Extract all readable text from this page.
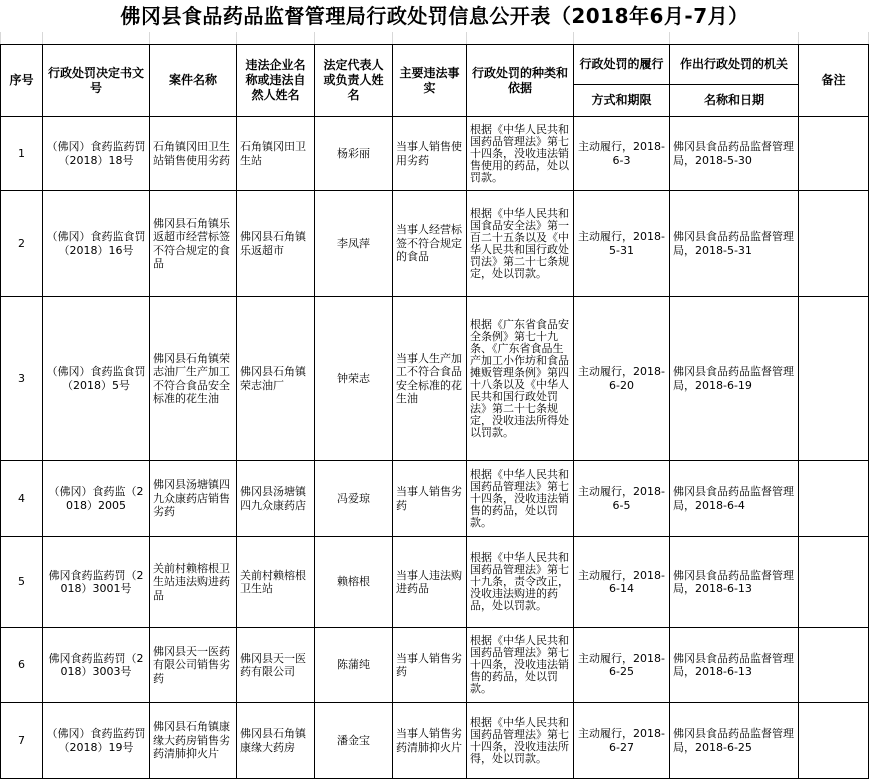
佛冈县食品药品监督管理局行政处罚信息公开表（2018年6月-7月）
序号	行政处罚决定书文号	案件名称	违法企业名称或违法自然人姓名	法定代表人或负责人姓名	主要违法事实	行政处罚的种类和依据	行政处罚的履行	作出行政处罚的机关	备注
							方式和期限	名称和日期	
1	（佛冈）食药监药罚（2018）18号	石角镇冈田卫生站销售使用劣药	石角镇冈田卫生站	杨彩丽	当事人销售使用劣药	根据《中华人民共和国药品管理法》第七十四条，没收违法销售使用的药品，处以罚款。	主动履行，2018-6-3	佛冈县食品药品监督管理局，2018-5-30	
2	（佛冈）食药监食罚（2018）16号	佛冈县石角镇乐返超市经营标签不符合规定的食品	佛冈县石角镇乐返超市	李凤萍	当事人经营标签不符合规定的食品	根据《中华人民共和国食品安全法》第一百二十五条以及《中华人民共和国行政处罚法》第二十七条规定，处以罚款。	主动履行，2018-5-31	佛冈县食品药品监督管理局，2018-5-31	
3	（佛冈）食药监食罚（2018）5号	佛冈县石角镇荣志油厂生产加工不符合食品安全标准的花生油	佛冈县石角镇荣志油厂	钟荣志	当事人生产加工不符合食品安全标准的花生油	根据《广东省食品安全条例》第七十九条、《广东省食品生产加工小作坊和食品摊贩管理条例》第四十八条以及《中华人民共和国行政处罚法》第二十七条规定，没收违法所得处以罚款。	主动履行，2018-6-20	佛冈县食品药品监督管理局，2018-6-19	
4	（佛冈）食药监（2018）2005	佛冈县汤塘镇四九众康药店销售劣药	佛冈县汤塘镇四九众康药店	冯爱琼	当事人销售劣药	根据《中华人民共和国药品管理法》第七十四条，没收违法销售的药品，处以罚款。	主动履行，2018-6-5	佛冈县食品药品监督管理局，2018-6-4	
5	佛冈食药监药罚（2018）3001号	关前村赖榕根卫生站违法购进药品	关前村赖榕根卫生站	赖榕根	当事人违法购进药品	根据《中华人民共和国药品管理法》第七十九条，责令改正，没收违法购进的药品，处以罚款。	主动履行，2018-6-14	佛冈县食品药品监督管理局，2018-6-13	
6	佛冈食药监药罚（2018）3003号	佛冈县天一医药有限公司销售劣药	佛冈县天一医药有限公司	陈蒲纯	当事人销售劣药	根据《中华人民共和国药品管理法》第七十四条，没收违法销售的药品，处以罚款。	主动履行，2018-6-25	佛冈县食品药品监督管理局，2018-6-13	
7	（佛冈）食药监药罚（2018）19号	佛冈县石角镇康缘大药房销售劣药清肺抑火片	佛冈县石角镇康缘大药房	潘金宝	当事人销售劣药清肺抑火片	根据《中华人民共和国药品管理法》第七十四条，没收违法所得，处以罚款。	主动履行，2018-6-27	佛冈县食品药品监督管理局，2018-6-25	
